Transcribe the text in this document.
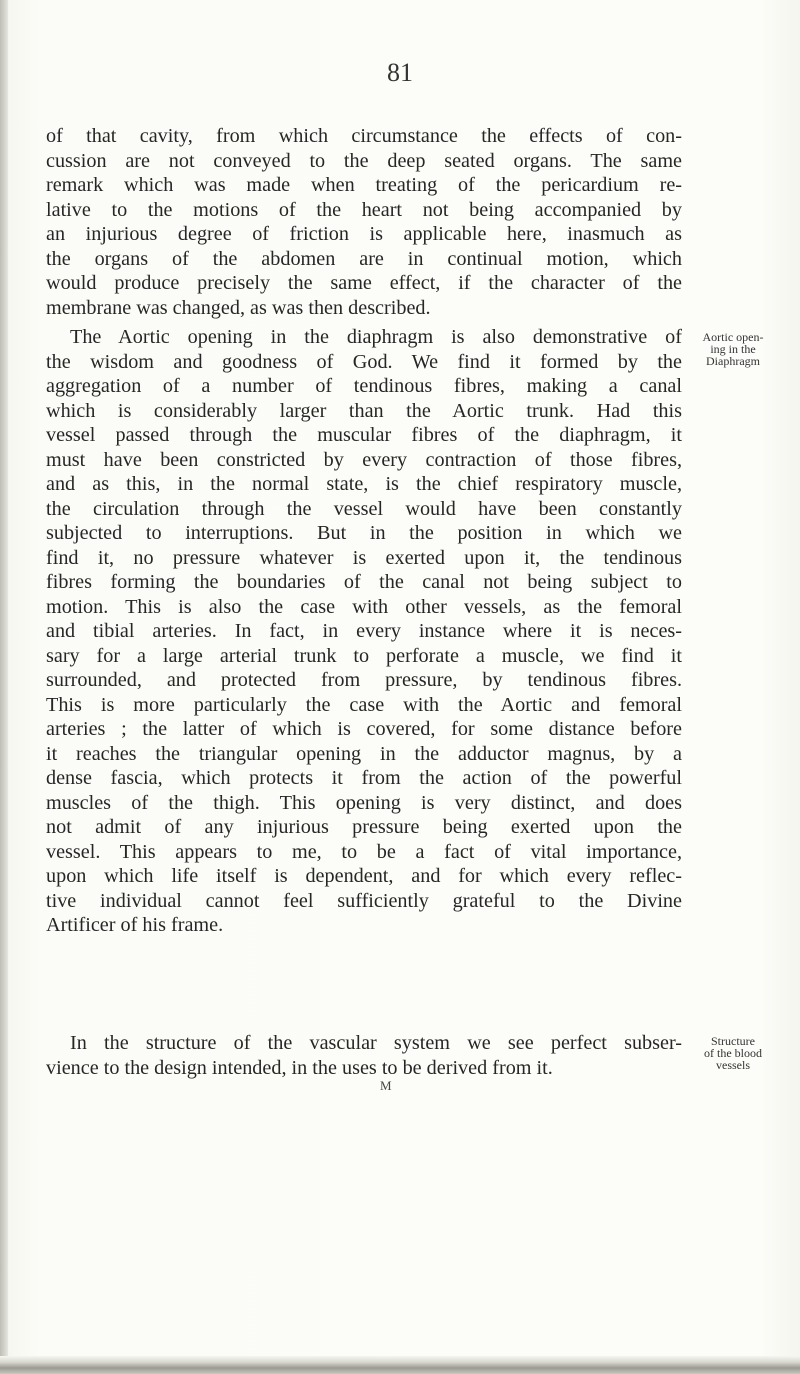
81
of that cavity, from which circumstance the effects of con-
cussion are not conveyed to the deep seated organs. The same
remark which was made when treating of the pericardium re-
lative to the motions of the heart not being accompanied by
an injurious degree of friction is applicable here, inasmuch as
the organs of the abdomen are in continual motion, which
would produce precisely the same effect, if the character of the
membrane was changed, as was then described.
The Aortic opening in the diaphragm is also demonstrative of
the wisdom and goodness of God. We find it formed by the
aggregation of a number of tendinous fibres, making a canal
which is considerably larger than the Aortic trunk. Had this
vessel passed through the muscular fibres of the diaphragm, it
must have been constricted by every contraction of those fibres,
and as this, in the normal state, is the chief respiratory muscle,
the circulation through the vessel would have been constantly
subjected to interruptions. But in the position in which we
find it, no pressure whatever is exerted upon it, the tendinous
fibres forming the boundaries of the canal not being subject to
motion. This is also the case with other vessels, as the femoral
and tibial arteries. In fact, in every instance where it is neces-
sary for a large arterial trunk to perforate a muscle, we find it
surrounded, and protected from pressure, by tendinous fibres.
This is more particularly the case with the Aortic and femoral
arteries ; the latter of which is covered, for some distance before
it reaches the triangular opening in the adductor magnus, by a
dense fascia, which protects it from the action of the powerful
muscles of the thigh. This opening is very distinct, and does
not admit of any injurious pressure being exerted upon the
vessel. This appears to me, to be a fact of vital importance,
upon which life itself is dependent, and for which every reflec-
tive individual cannot feel sufficiently grateful to the Divine
Artificer of his frame.
Aortic open-
ing in the
Diaphragm
In the structure of the vascular system we see perfect subser-
vience to the design intended, in the uses to be derived from it.
Structure
of the blood
vessels
M
